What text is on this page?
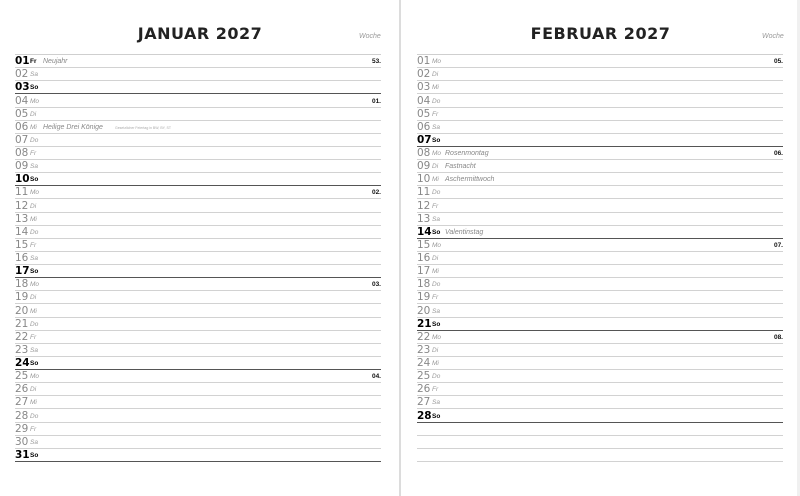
JANUAR 2027	Woche
01 Fr Neujahr	53.
02 Sa
03 So
04 Mo	01.
05 Di
06 Mi Heilige Drei Könige	Gesetzlicher Feiertag in BW, BY, ST
07 Do
08 Fr
09 Sa
10 So
11 Mo	02.
12 Di
13 Mi
14 Do
15 Fr
16 Sa
17 So
18 Mo	03.
19 Di
20 Mi
21 Do
22 Fr
23 Sa
24 So
25 Mo	04.
26 Di
27 Mi
28 Do
29 Fr
30 Sa
31 So
FEBRUAR 2027	Woche
01 Mo	05.
02 Di
03 Mi
04 Do
05 Fr
06 Sa
07 So
08 Mo Rosenmontag	06.
09 Di Fastnacht
10 Mi Aschermittwoch
11 Do
12 Fr
13 Sa
14 So Valentinstag
15 Mo	07.
16 Di
17 Mi
18 Do
19 Fr
20 Sa
21 So
22 Mo	08.
23 Di
24 Mi
25 Do
26 Fr
27 Sa
28 So
